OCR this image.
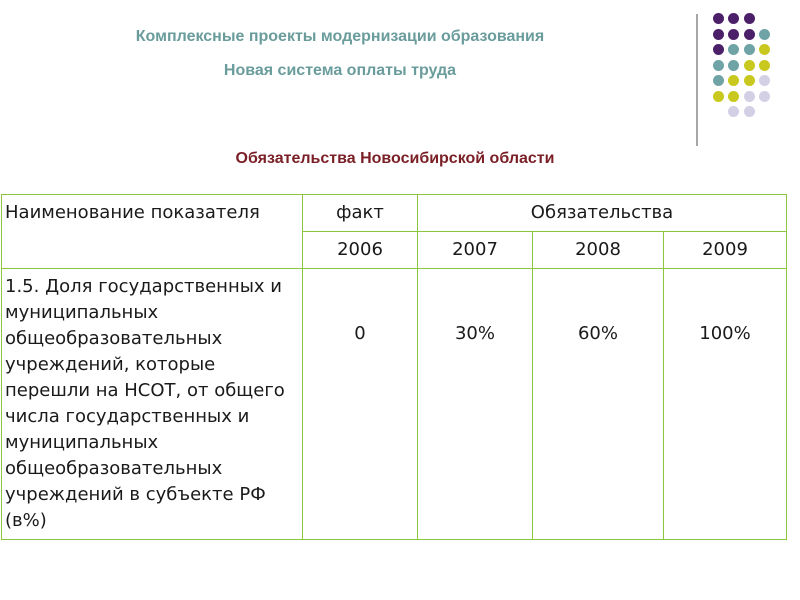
Комплексные проекты модернизации образования
Новая система оплаты труда
Обязательства Новосибирской области
Наименование показателя	факт	Обязательства		
	2006	2007	2008	2009
1.5. Доля государственных и муниципальных общеобразовательных учреждений, которые перешли на НСОТ, от общего числа государственных и муниципальных общеобразовательных учреждений в субъекте РФ (в%)	0	30%	60%	100%
